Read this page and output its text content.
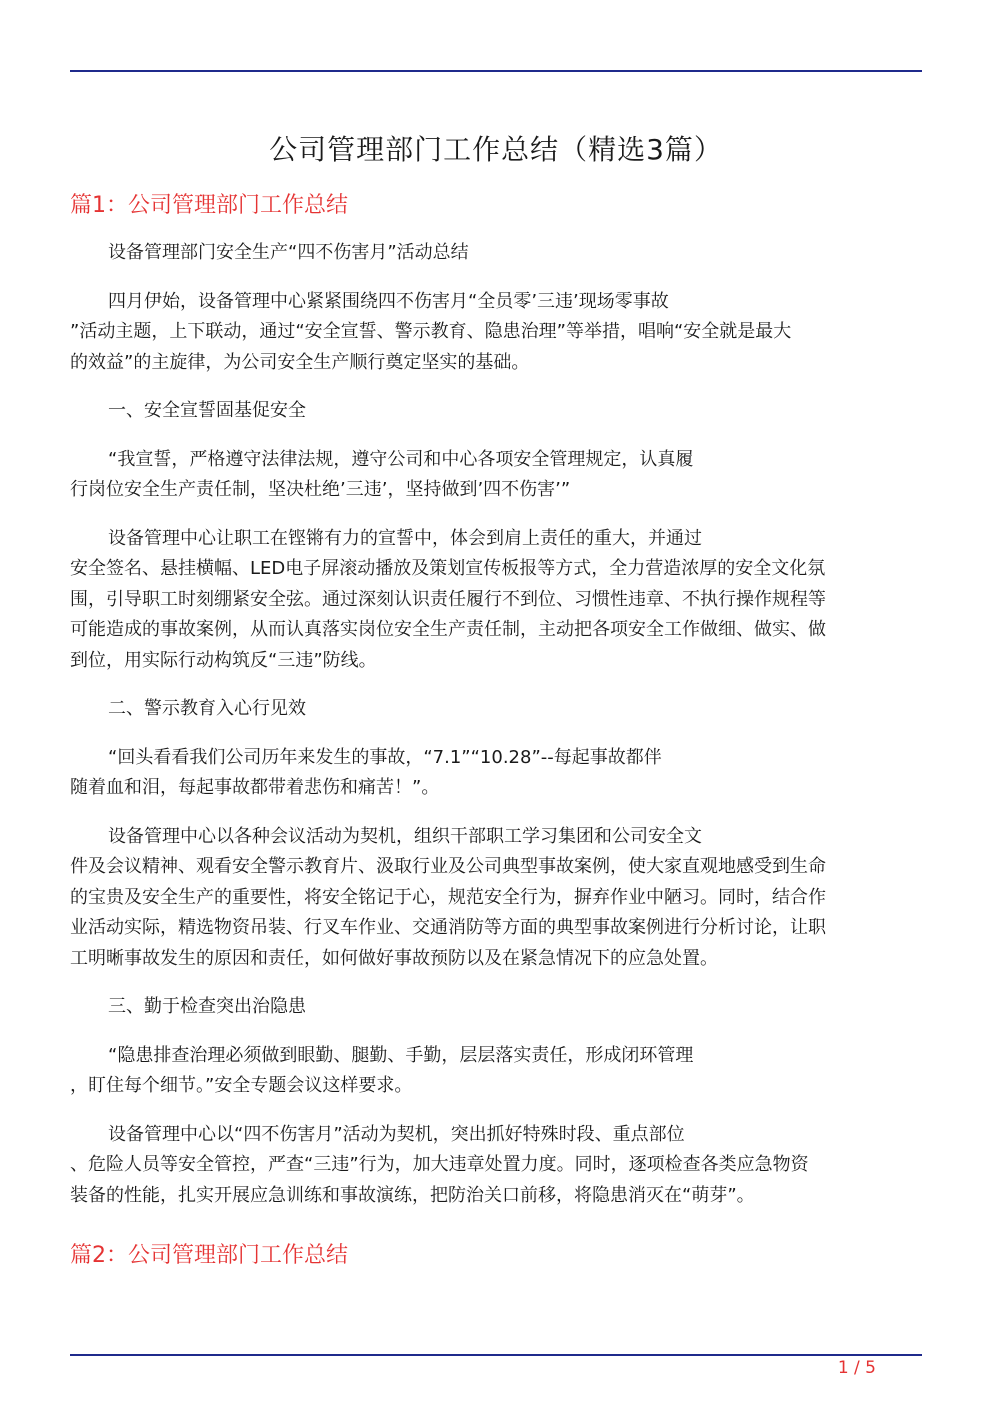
公司管理部门工作总结（精选3篇）
篇1：公司管理部门工作总结
设备管理部门安全生产“四不伤害月”活动总结
四月伊始，设备管理中心紧紧围绕四不伤害月“全员零’三违’现场零事故
”活动主题，上下联动，通过“安全宣誓、警示教育、隐患治理”等举措，唱响“安全就是最大
的效益”的主旋律，为公司安全生产顺行奠定坚实的基础。
一、安全宣誓固基促安全
“我宣誓，严格遵守法律法规，遵守公司和中心各项安全管理规定，认真履
行岗位安全生产责任制，坚决杜绝’三违’，坚持做到’四不伤害’”
设备管理中心让职工在铿锵有力的宣誓中，体会到肩上责任的重大，并通过
安全签名、悬挂横幅、LED电子屏滚动播放及策划宣传板报等方式，全力营造浓厚的安全文化氛
围，引导职工时刻绷紧安全弦。通过深刻认识责任履行不到位、习惯性违章、不执行操作规程等
可能造成的事故案例，从而认真落实岗位安全生产责任制，主动把各项安全工作做细、做实、做
到位，用实际行动构筑反“三违”防线。
二、警示教育入心行见效
“回头看看我们公司历年来发生的事故，“7.1”“10.28”--每起事故都伴
随着血和泪，每起事故都带着悲伤和痛苦！”。
设备管理中心以各种会议活动为契机，组织干部职工学习集团和公司安全文
件及会议精神、观看安全警示教育片、汲取行业及公司典型事故案例，使大家直观地感受到生命
的宝贵及安全生产的重要性，将安全铭记于心，规范安全行为，摒弃作业中陋习。同时，结合作
业活动实际，精选物资吊装、行叉车作业、交通消防等方面的典型事故案例进行分析讨论，让职
工明晰事故发生的原因和责任，如何做好事故预防以及在紧急情况下的应急处置。
三、勤于检查突出治隐患
“隐患排查治理必须做到眼勤、腿勤、手勤，层层落实责任，形成闭环管理
，盯住每个细节。”安全专题会议这样要求。
设备管理中心以“四不伤害月”活动为契机，突出抓好特殊时段、重点部位
、危险人员等安全管控，严查“三违”行为，加大违章处置力度。同时，逐项检查各类应急物资
装备的性能，扎实开展应急训练和事故演练，把防治关口前移，将隐患消灭在“萌芽”。
篇2：公司管理部门工作总结
1 / 5
